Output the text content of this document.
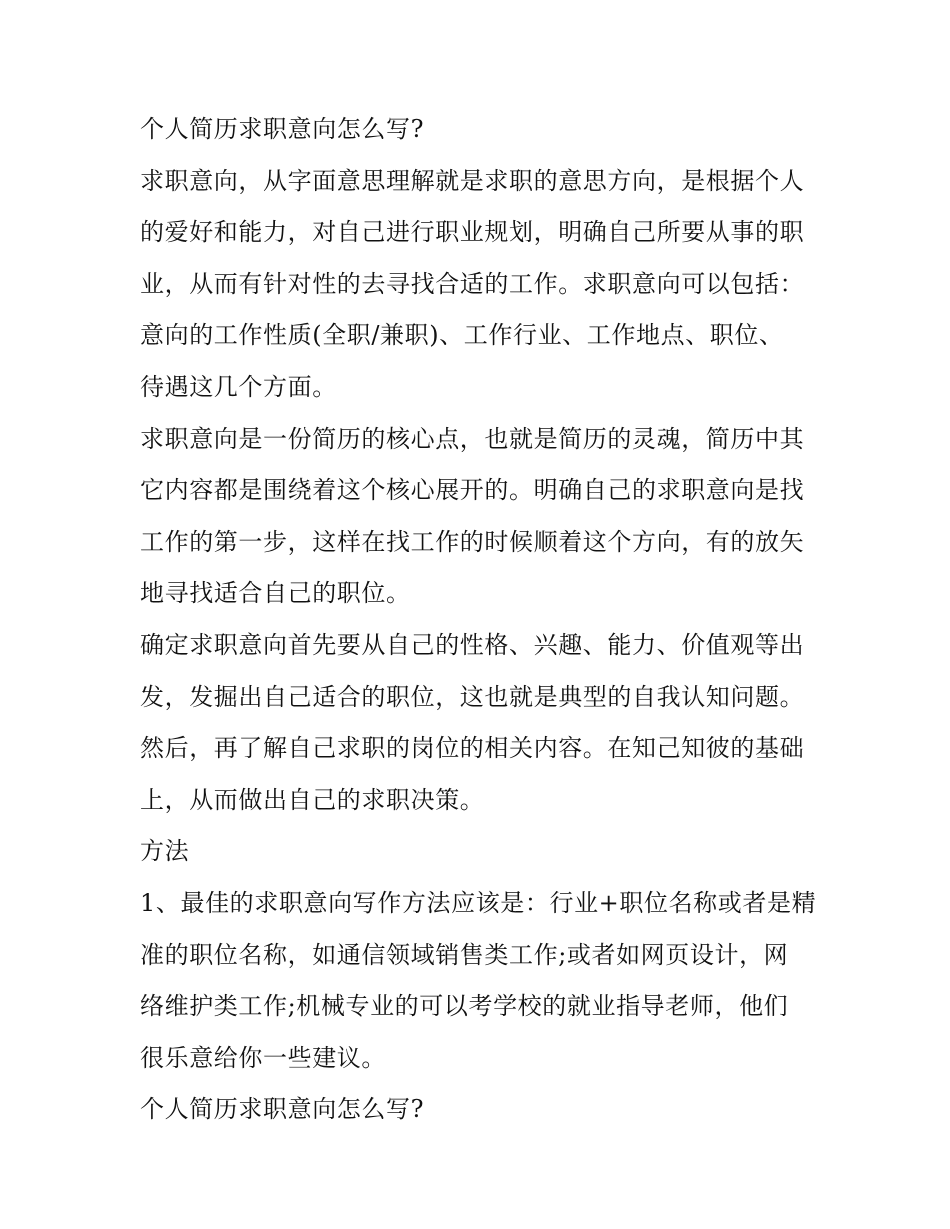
个人简历求职意向怎么写?
求职意向，从字面意思理解就是求职的意思方向，是根据个人
的爱好和能力，对自己进行职业规划，明确自己所要从事的职
业，从而有针对性的去寻找合适的工作。求职意向可以包括：
意向的工作性质(全职/兼职)、工作行业、工作地点、职位、
待遇这几个方面。
求职意向是一份简历的核心点，也就是简历的灵魂，简历中其
它内容都是围绕着这个核心展开的。明确自己的求职意向是找
工作的第一步，这样在找工作的时候顺着这个方向，有的放矢
地寻找适合自己的职位。
确定求职意向首先要从自己的性格、兴趣、能力、价值观等出
发，发掘出自己适合的职位，这也就是典型的自我认知问题。
然后，再了解自己求职的岗位的相关内容。在知己知彼的基础
上，从而做出自己的求职决策。
方法
1、最佳的求职意向写作方法应该是：行业+职位名称或者是精
准的职位名称，如通信领域销售类工作;或者如网页设计，网
络维护类工作;机械专业的可以考学校的就业指导老师，他们
很乐意给你一些建议。
个人简历求职意向怎么写?
